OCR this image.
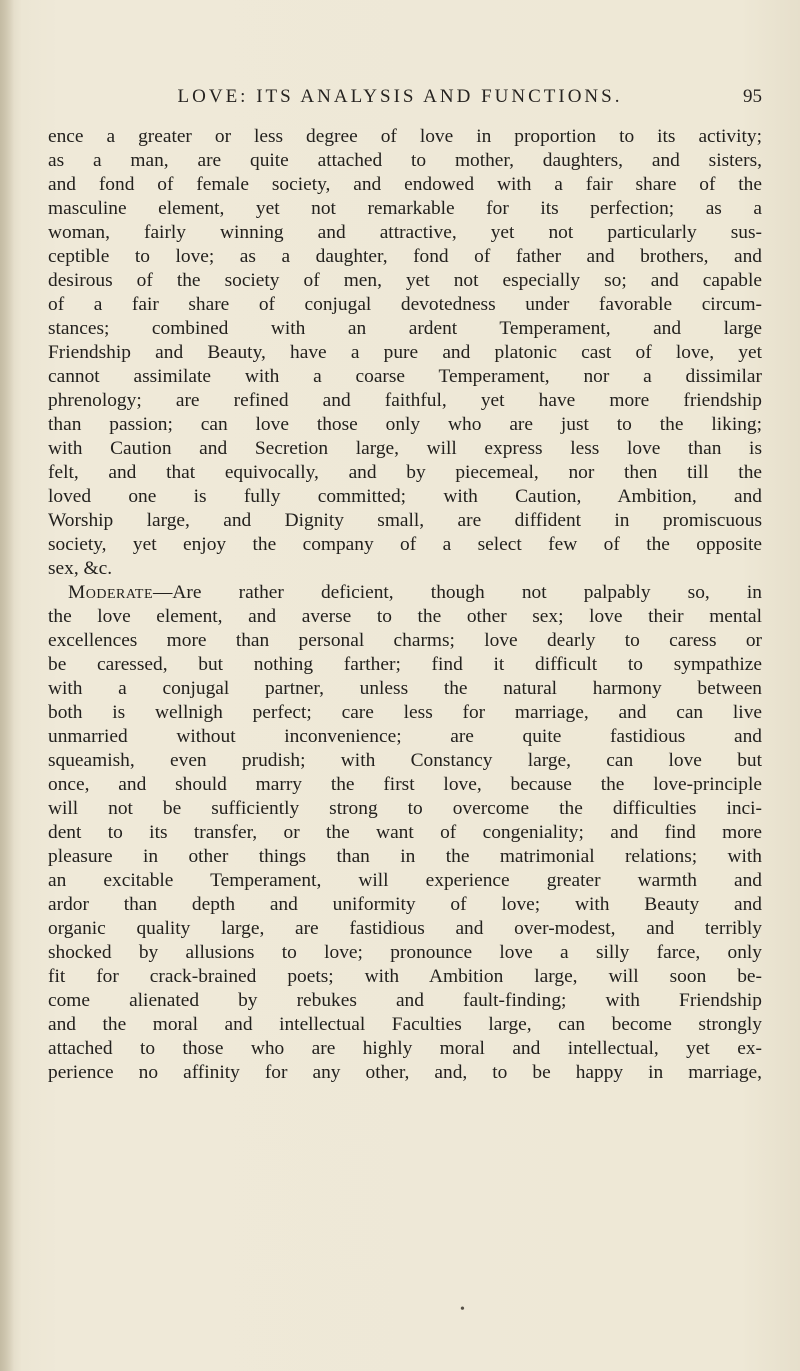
LOVE: ITS ANALYSIS AND FUNCTIONS.	95
ence a greater or less degree of love in proportion to its activity;
as a man, are quite attached to mother, daughters, and sisters,
and fond of female society, and endowed with a fair share of the
masculine element, yet not remarkable for its perfection; as a
woman, fairly winning and attractive, yet not particularly sus-
ceptible to love; as a daughter, fond of father and brothers, and
desirous of the society of men, yet not especially so; and capable
of a fair share of conjugal devotedness under favorable circum-
stances; combined with an ardent Temperament, and large
Friendship and Beauty, have a pure and platonic cast of love, yet
cannot assimilate with a coarse Temperament, nor a dissimilar
phrenology; are refined and faithful, yet have more friendship
than passion; can love those only who are just to the liking;
with Caution and Secretion large, will express less love than is
felt, and that equivocally, and by piecemeal, nor then till the
loved one is fully committed; with Caution, Ambition, and
Worship large, and Dignity small, are diffident in promiscuous
society, yet enjoy the company of a select few of the opposite
sex, &c.
Moderate—Are rather deficient, though not palpably so, in
the love element, and averse to the other sex; love their mental
excellences more than personal charms; love dearly to caress or
be caressed, but nothing farther; find it difficult to sympathize
with a conjugal partner, unless the natural harmony between
both is wellnigh perfect; care less for marriage, and can live
unmarried without inconvenience; are quite fastidious and
squeamish, even prudish; with Constancy large, can love but
once, and should marry the first love, because the love-principle
will not be sufficiently strong to overcome the difficulties inci-
dent to its transfer, or the want of congeniality; and find more
pleasure in other things than in the matrimonial relations; with
an excitable Temperament, will experience greater warmth and
ardor than depth and uniformity of love; with Beauty and
organic quality large, are fastidious and over-modest, and terribly
shocked by allusions to love; pronounce love a silly farce, only
fit for crack-brained poets; with Ambition large, will soon be-
come alienated by rebukes and fault-finding; with Friendship
and the moral and intellectual Faculties large, can become strongly
attached to those who are highly moral and intellectual, yet ex-
perience no affinity for any other, and, to be happy in marriage,
•
